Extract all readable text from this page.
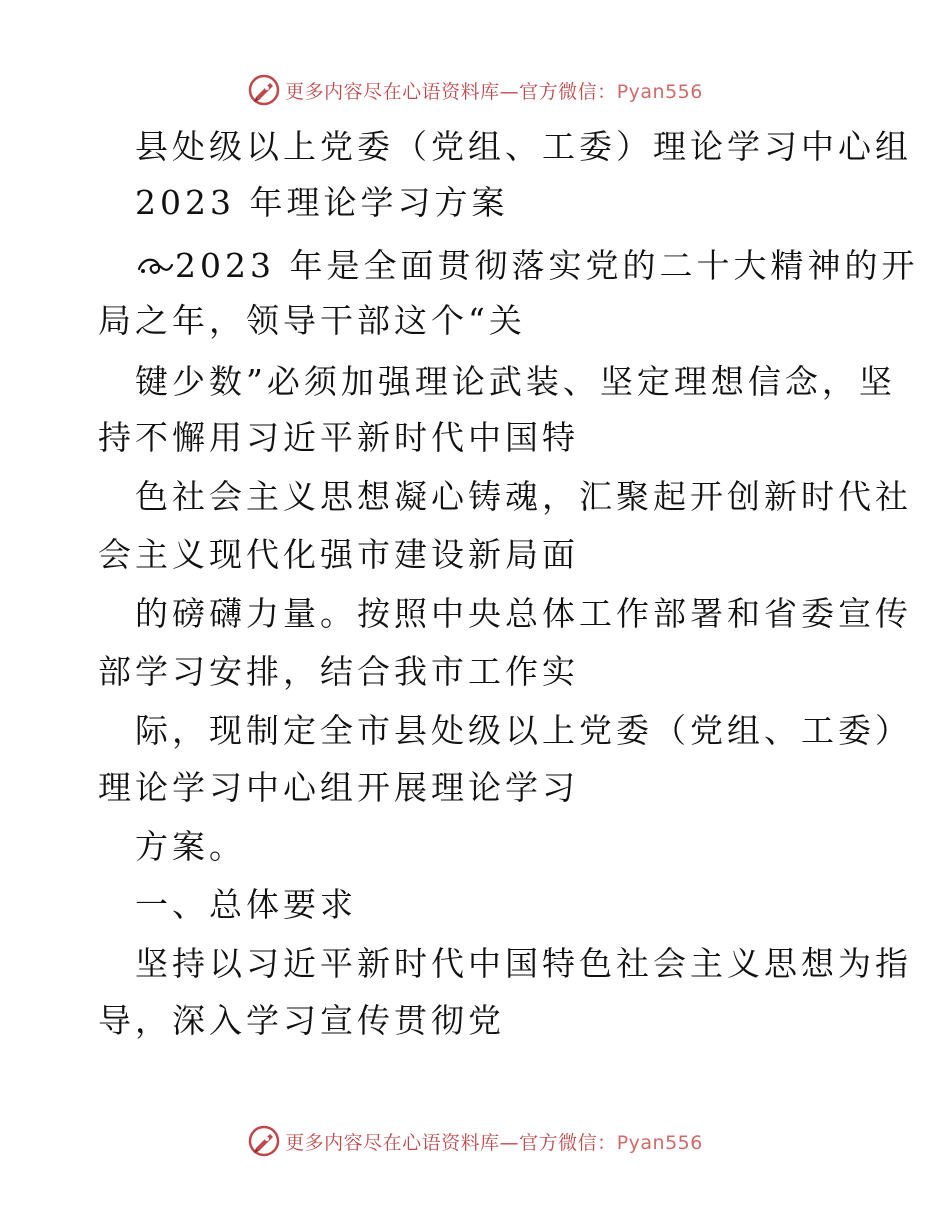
更多内容尽在心语资料库—官方微信：Pyan556
县处级以上党委（党组、工委）理论学习中心组
2023 年理论学习方案
2023 年是全面贯彻落实党的二十大精神的开
局之年，领导干部这个“关
键少数”必须加强理论武装、坚定理想信念，坚
持不懈用习近平新时代中国特
色社会主义思想凝心铸魂，汇聚起开创新时代社
会主义现代化强市建设新局面
的磅礴力量。按照中央总体工作部署和省委宣传
部学习安排，结合我市工作实
际，现制定全市县处级以上党委（党组、工委）
理论学习中心组开展理论学习
方案。
一、总体要求
坚持以习近平新时代中国特色社会主义思想为指
导，深入学习宣传贯彻党
更多内容尽在心语资料库—官方微信：Pyan556
